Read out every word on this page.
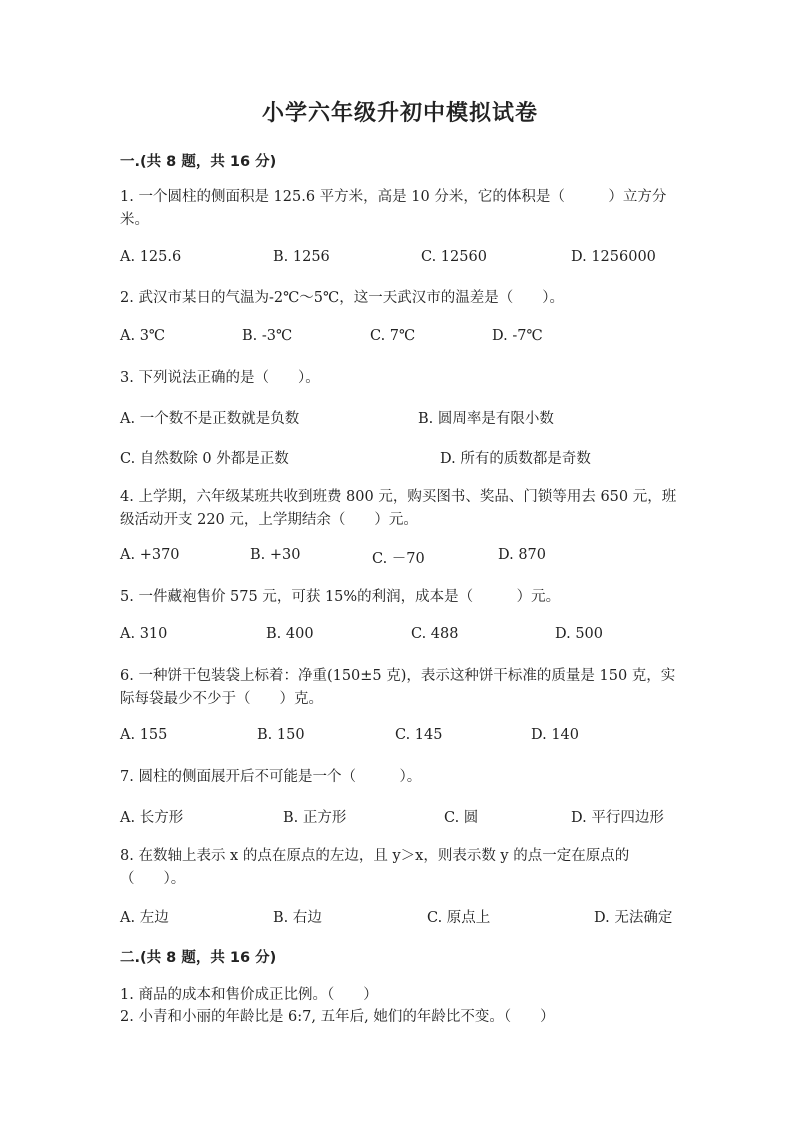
小学六年级升初中模拟试卷
一.(共 8 题，共 16 分)
1. 一个圆柱的侧面积是 125.6 平方米，高是 10 分米，它的体积是（　　　）立方分米。
A. 125.6	B. 1256	C. 12560	D. 1256000
2. 武汉市某日的气温为-2℃～5℃，这一天武汉市的温差是（　　）。
A. 3℃	B. -3℃	C. 7℃	D. -7℃
3. 下列说法正确的是（　　）。
A. 一个数不是正数就是负数	B. 圆周率是有限小数
C. 自然数除 0 外都是正数	D. 所有的质数都是奇数
4. 上学期，六年级某班共收到班费 800 元，购买图书、奖品、门锁等用去 650 元，班级活动开支 220 元，上学期结余（　　）元。
A. +370	B. +30	C. －70	D. 870
5. 一件藏袍售价 575 元，可获 15%的利润，成本是（　　　）元。
A. 310	B. 400	C. 488	D. 500
6. 一种饼干包装袋上标着：净重(150±5 克)，表示这种饼干标准的质量是 150 克，实际每袋最少不少于（　　）克。
A. 155	B. 150	C. 145	D. 140
7. 圆柱的侧面展开后不可能是一个（　　　）。
A. 长方形	B. 正方形	C. 圆	D. 平行四边形
8. 在数轴上表示 x 的点在原点的左边，且 y＞x，则表示数 y 的点一定在原点的（　　）。
A. 左边	B. 右边	C. 原点上	D. 无法确定
二.(共 8 题，共 16 分)
1. 商品的成本和售价成正比例。（　　）
2. 小青和小丽的年龄比是 6:7, 五年后, 她们的年龄比不变。（　　）
